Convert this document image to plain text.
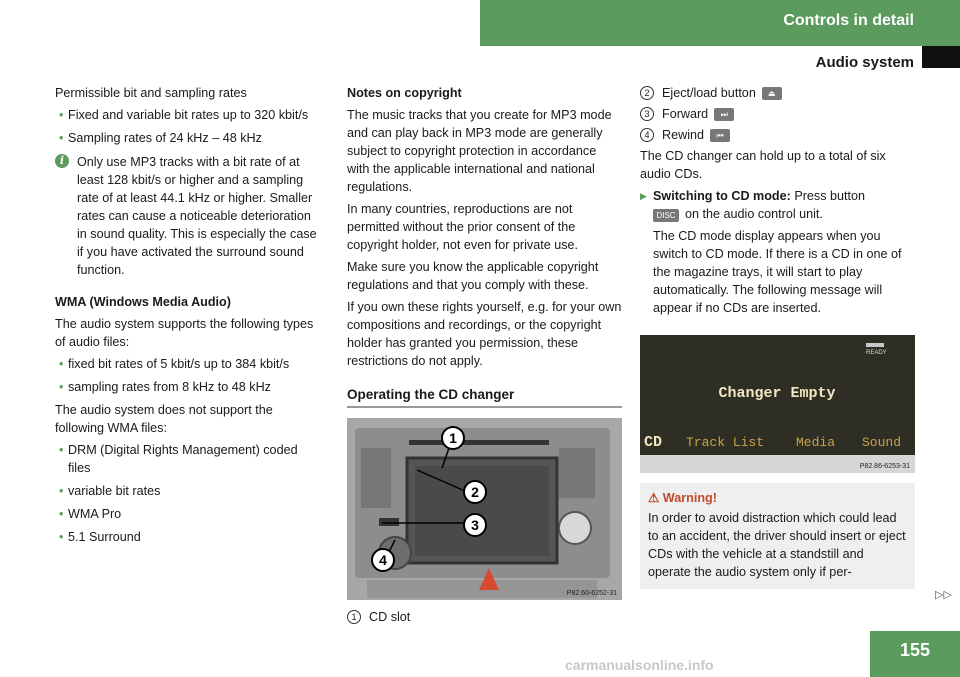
Controls in detail
Audio system

Permissible bit and sampling rates

• Fixed and variable bit rates up to 320 kbit/s
• Sampling rates of 24 kHz – 48 kHz
i	Only use MP3 tracks with a bit rate of at least 128 kbit/s or higher and a sampling rate of at least 44.1 kHz or higher. Smaller rates can cause a noticeable deterioration in sound quality. This is especially the case if you have activated the surround sound function.

WMA (Windows Media Audio)

The audio system supports the following types of audio files:

• fixed bit rates of 5 kbit/s up to 384 kbit/s
• sampling rates from 8 kHz to 48 kHz

The audio system does not support the following WMA files:

• DRM (Digital Rights Management) coded files
• variable bit rates
• WMA Pro
• 5.1 Surround

Notes on copyright

The music tracks that you create for MP3 mode and can play back in MP3 mode are generally subject to copyright protection in accordance with the applicable international and national regulations.

In many countries, reproductions are not permitted without the prior consent of the copyright holder, not even for private use.

Make sure you know the applicable copyright regulations and that you comply with these.

If you own these rights yourself, e.g. for your own compositions and recordings, or the copyright holder has granted you permission, these restrictions do not apply.

Operating the CD changer
1
2
3
4
P82.60-6252-31
1 CD slot
2 Eject/load button	⏏
3 Forward	⏭
4 Rewind	⏮

The CD changer can hold up to a total of six audio CDs.

▶ Switching to CD mode: Press button
DISC on the audio control unit.

The CD mode display appears when you switch to CD mode. If there is a CD in one of the magazine trays, it will start to play automatically. The following message will appear if no CDs are inserted.

READY
Changer Empty
CD Track List Media Sound
P82.86-6253-31
⚠ Warning!
In order to avoid distraction which could lead to an accident, the driver should insert or eject CDs with the vehicle at a standstill and operate the audio system only if per-
▷▷
155
carmanualsonline.info
